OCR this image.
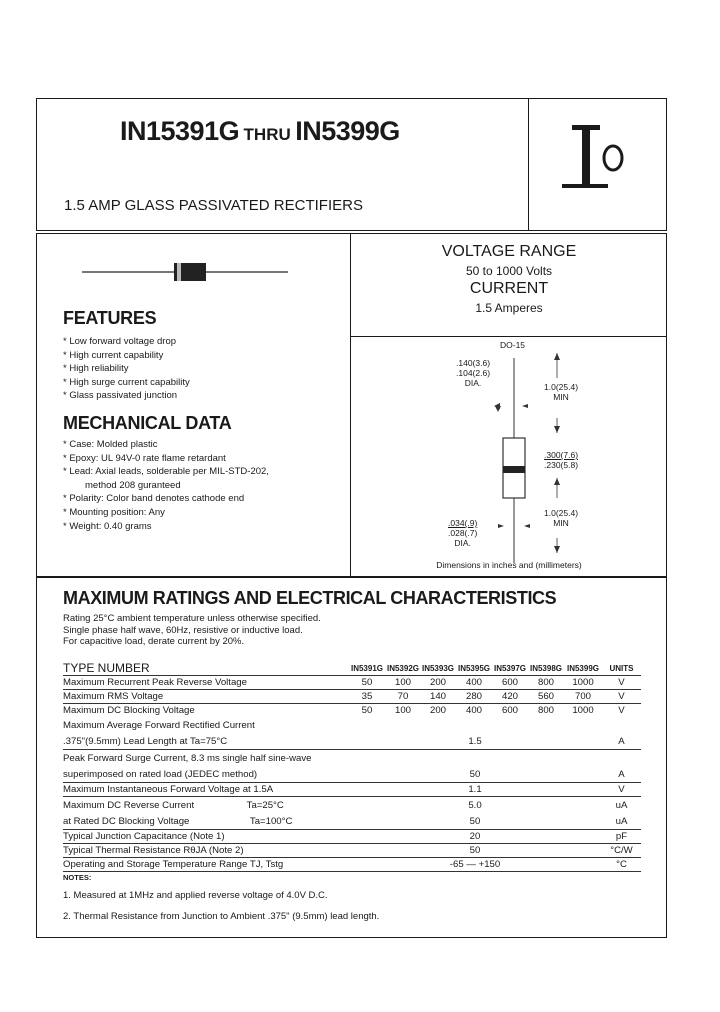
IN15391G THRU IN5399G
1.5 AMP GLASS PASSIVATED RECTIFIERS
VOLTAGE RANGE
50 to 1000 Volts
CURRENT
1.5 Amperes
FEATURES
* Low forward voltage drop
* High current capability
* High reliability
* High surge current capability
* Glass passivated junction
MECHANICAL DATA
* Case: Molded plastic
* Epoxy: UL 94V-0 rate flame retardant
* Lead: Axial leads, solderable per MIL-STD-202,
method 208 guranteed
* Polarity: Color band denotes cathode end
* Mounting position: Any
* Weight: 0.40 grams
DO-15
.140(3.6)
.104(2.6)
DIA.	1.0(25.4)
MIN
.300(7.6)
.230(5.8)
1.0(25.4)
MIN
.034(.9)
.028(.7)
DIA.
Dimensions in inches and (millimeters)
MAXIMUM RATINGS AND ELECTRICAL CHARACTERISTICS
Rating 25°C ambient temperature unless otherwise specified.
Single phase half wave, 60Hz, resistive or inductive load.
For capacitive load, derate current by 20%.
TYPE NUMBER	IN5391G	IN5392G	IN5393G	IN5395G	IN5397G	IN5398G	IN5399G	UNITS
Maximum Recurrent Peak Reverse Voltage	50	100	200	400	600	800	1000	V
Maximum RMS Voltage	35	70	140	280	420	560	700	V
Maximum DC Blocking Voltage	50	100	200	400	600	800	1000	V
Maximum Average Forward Rectified Current								
.375"(9.5mm) Lead Length at Ta=75°C	1.5							A
Peak Forward Surge Current, 8.3 ms single half sine-wave								
superimposed on rated load (JEDEC method)	50							A
Maximum Instantaneous Forward Voltage at 1.5A	1.1							V
Maximum DC Reverse Current Ta=25°C	5.0							uA
at Rated DC Blocking Voltage Ta=100°C	50							uA
Typical Junction Capacitance (Note 1)	20							pF
Typical Thermal Resistance RθJA (Note 2)	50							°C/W
Operating and Storage Temperature Range TJ, Tstg	-65 — +150							°C
NOTES:
1. Measured at 1MHz and applied reverse voltage of 4.0V D.C.
2. Thermal Resistance from Junction to Ambient .375" (9.5mm) lead length.
